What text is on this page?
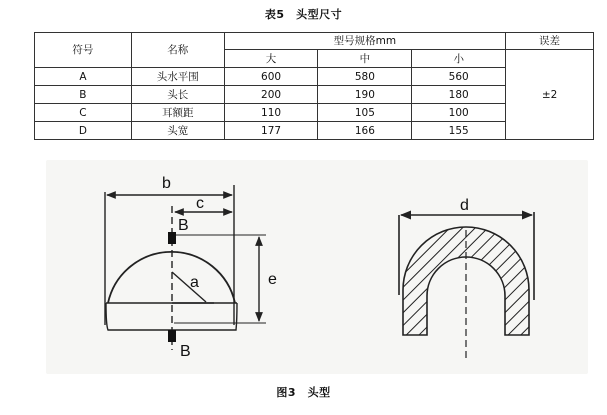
表5　头型尺寸
符号	名称	型号规格mm			误差
		大	中	小	±2
A	头水平围	600	580	560	
B	头长	200	190	180	
C	耳额距	110	105	100	
D	头宽	177	166	155	
b
c
B
B
a	e
d
图3　头型
